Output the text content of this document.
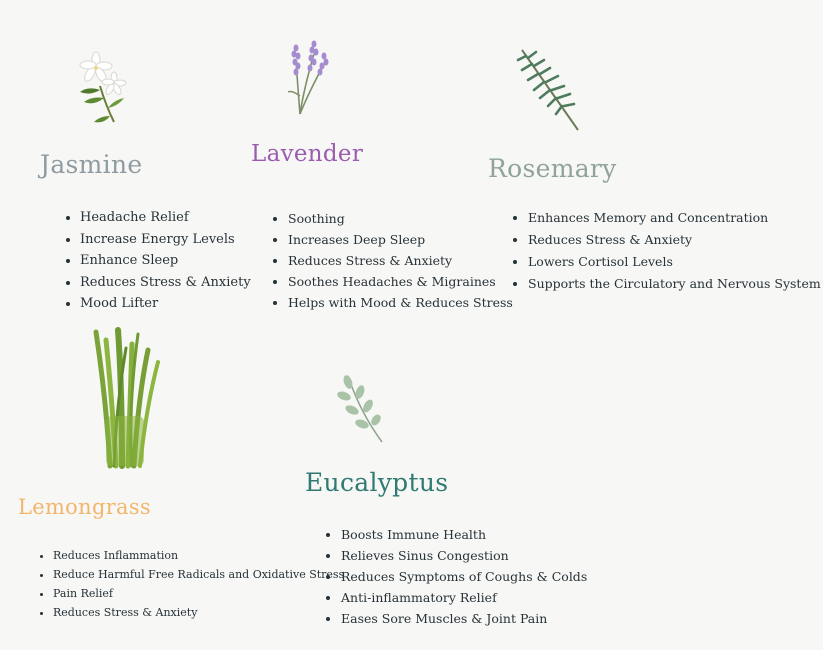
Jasmine
• Headache Relief
• Increase Energy Levels
• Enhance Sleep
• Reduces Stress & Anxiety
• Mood Lifter
Lavender
• Soothing
• Increases Deep Sleep
• Reduces Stress & Anxiety
• Soothes Headaches & Migraines
• Helps with Mood & Reduces Stress
Rosemary
• Enhances Memory and Concentration
• Reduces Stress & Anxiety
• Lowers Cortisol Levels
• Supports the Circulatory and Nervous System
Lemongrass
• Reduces Inflammation
• Reduce Harmful Free Radicals and Oxidative Stress
• Pain Relief
• Reduces Stress & Anxiety
Eucalyptus
• Boosts Immune Health
• Relieves Sinus Congestion
• Reduces Symptoms of Coughs & Colds
• Anti-inflammatory Relief
• Eases Sore Muscles & Joint Pain
